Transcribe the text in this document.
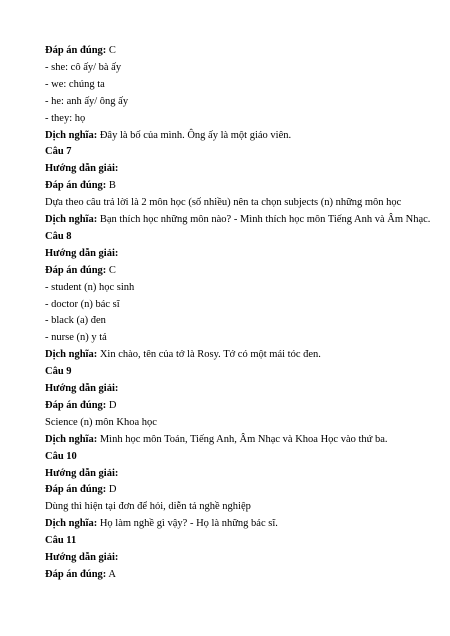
Đáp án đúng: C
- she: cô ấy/ bà ấy
- we: chúng ta
- he: anh ấy/ ông ấy
- they: họ
Dịch nghĩa: Đây là bố của mình. Ông ấy là một giáo viên.
Câu 7
Hướng dẫn giải:
Đáp án đúng: B
Dựa theo câu trả lời là 2 môn học (số nhiều) nên ta chọn subjects (n) những môn học
Dịch nghĩa: Bạn thích học những môn nào? - Mình thích học môn Tiếng Anh và Âm Nhạc.
Câu 8
Hướng dẫn giải:
Đáp án đúng: C
- student (n) học sinh
- doctor (n) bác sĩ
- black (a) đen
- nurse (n) y tá
Dịch nghĩa: Xin chào, tên của tớ là Rosy. Tớ có một mái tóc đen.
Câu 9
Hướng dẫn giải:
Đáp án đúng: D
Science (n) môn Khoa học
Dịch nghĩa: Mình học môn Toán, Tiếng Anh, Âm Nhạc và Khoa Học vào thứ ba.
Câu 10
Hướng dẫn giải:
Đáp án đúng: D
Dùng thì hiện tại đơn để hỏi, diễn tả nghề nghiệp
Dịch nghĩa: Họ làm nghề gì vậy? - Họ là những bác sĩ.
Câu 11
Hướng dẫn giải:
Đáp án đúng: A
